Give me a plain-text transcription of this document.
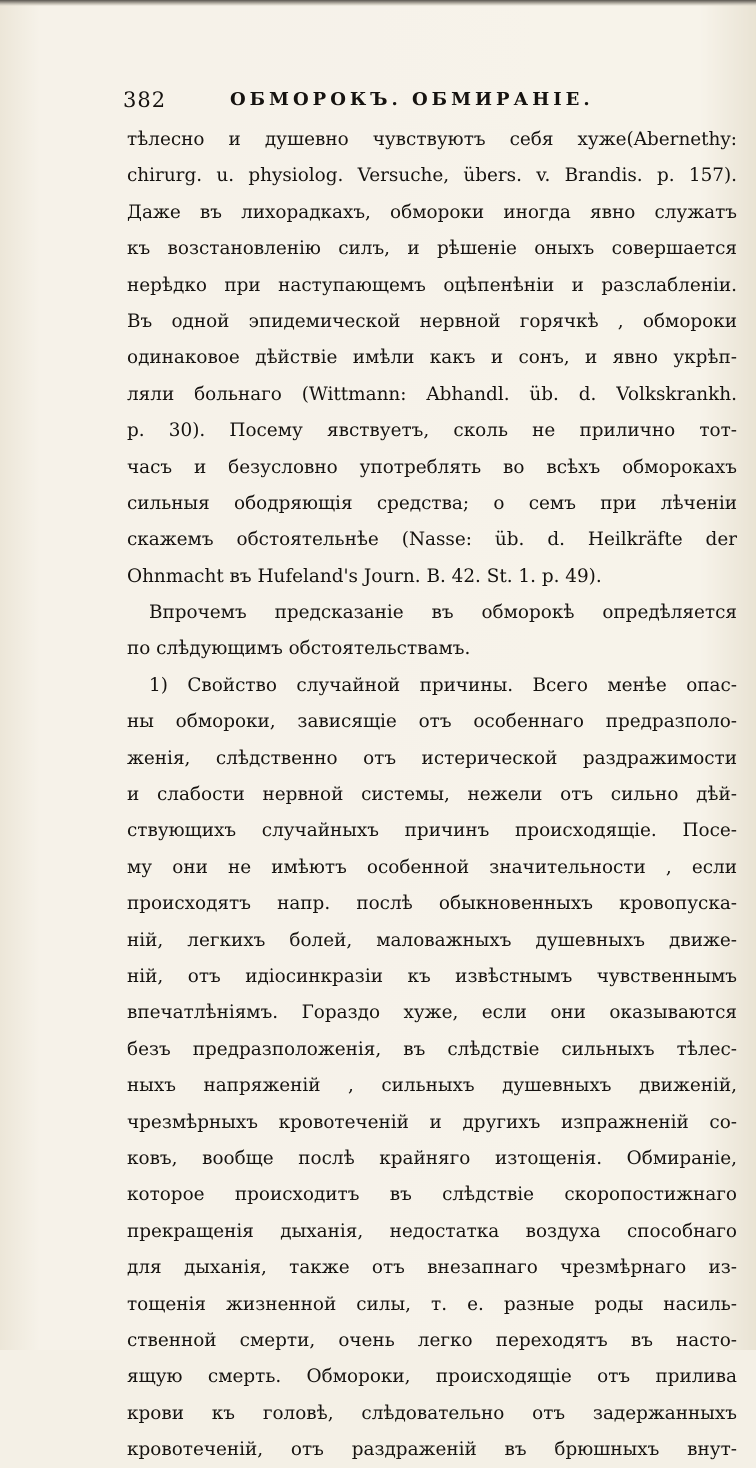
382	ОБМОРОКЪ. ОБМИРАНІЕ.
тѣлесно и душевно чувствуютъ себя хуже(Abernethy:
chirurg. u. physiolog. Versuche, übers. v. Brandis. p. 157).
Даже въ лихорадкахъ, обмороки иногда явно служатъ
къ возстановленію силъ, и рѣшеніе оныхъ совершается
нерѣдко при наступающемъ оцѣпенѣніи и разслабленіи.
Въ одной эпидемической нервной горячкѣ , обмороки
одинаковое дѣйствіе имѣли какъ и сонъ, и явно укрѣп-
ляли больнаго (Wittmann: Abhandl. üb. d. Volkskrankh.
p. 30). Посему явствуетъ, сколь не прилично тот-
часъ и безусловно употреблять во всѣхъ обморокахъ
сильныя ободряющія средства; о семъ при лѣченіи
скажемъ обстоятельнѣе (Nasse: üb. d. Heilkräfte der
Ohnmacht въ Hufeland's Journ. B. 42. St. 1. p. 49).
Впрочемъ предсказаніе въ обморокѣ опредѣляется
по слѣдующимъ обстоятельствамъ.
1) Свойство случайной причины. Всего менѣе опас-
ны обмороки, зависящіе отъ особеннаго предразполо-
женія, слѣдственно отъ истерической раздражимости
и слабости нервной системы, нежели отъ сильно дѣй-
ствующихъ случайныхъ причинъ происходящіе. Посе-
му они не имѣютъ особенной значительности , если
происходятъ напр. послѣ обыкновенныхъ кровопуска-
ній, легкихъ болей, маловажныхъ душевныхъ движе-
ній, отъ идіосинкразіи къ извѣстнымъ чувственнымъ
впечатлѣніямъ. Гораздо хуже, если они оказываются
безъ предразположенія, въ слѣдствіе сильныхъ тѣлес-
ныхъ напряженій , сильныхъ душевныхъ движеній,
чрезмѣрныхъ кровотеченій и другихъ изпражненій со-
ковъ, вообще послѣ крайняго изтощенія. Обмираніе,
которое происходитъ въ слѣдствіе скоропостижнаго
прекращенія дыханія, недостатка воздуха способнаго
для дыханія, также отъ внезапнаго чрезмѣрнаго из-
тощенія жизненной силы, т. е. разные роды насиль-
ственной смерти, очень легко переходятъ въ насто-
ящую смерть. Обмороки, происходящіе отъ прилива
крови къ головѣ, слѣдовательно отъ задержанныхъ
кровотеченій, отъ раздраженій въ брюшныхъ внут-
